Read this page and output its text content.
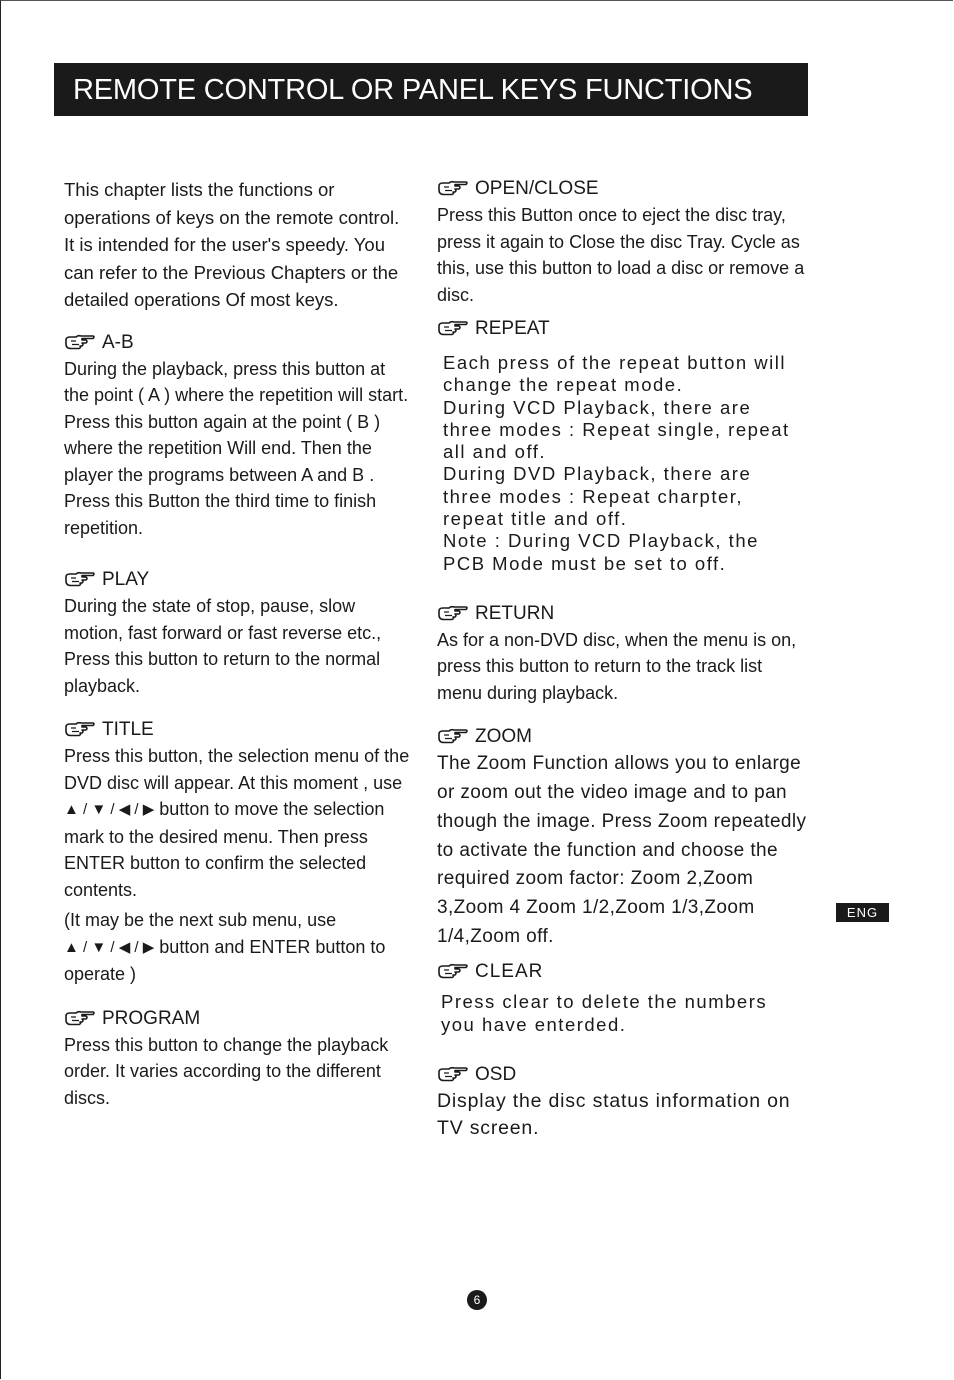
REMOTE CONTROL OR PANEL KEYS FUNCTIONS

This chapter lists the functions or operations of keys on the remote control. It is intended for the user's speedy. You can refer to the Previous Chapters or the detailed operations Of most keys.

A-B

During the playback, press this button at the point ( A ) where the repetition will start. Press this button again at the point ( B ) where the repetition Will end. Then the player the programs between A and B . Press this Button the third time to finish repetition.

PLAY

During the state of stop, pause, slow motion, fast forward or fast reverse etc., Press this button to return to the normal playback.

TITLE

Press this button, the selection menu of the DVD disc will appear. At this moment , use ▲ / ▼ / ◀ / ▶ button to move the selection mark to the desired menu. Then press ENTER button to confirm the selected contents.

(It may be the next sub menu, use ▲ / ▼ / ◀ / ▶ button and ENTER button to operate )

PROGRAM

Press this button to change the playback order. It varies according to the different discs.

OPEN/CLOSE

Press this Button once to eject the disc tray, press it again to Close the disc Tray. Cycle as this, use this button to load a disc or remove a disc.

REPEAT

Each press of the repeat button will change the repeat mode.

During VCD Playback, there are three modes : Repeat single, repeat all and off.

During DVD Playback, there are three modes : Repeat charpter, repeat title and off.

Note : During VCD Playback, the PCB Mode must be set to off.

RETURN

As for a non-DVD disc, when the menu is on, press this button to return to the track list menu during playback.

ZOOM

The Zoom Function allows you to enlarge or zoom out the video image and to pan though the image. Press Zoom repeatedly to activate the function and choose the required zoom factor: Zoom 2,Zoom 3,Zoom 4 Zoom 1/2,Zoom 1/3,Zoom 1/4,Zoom off.

CLEAR

Press clear to delete the numbers you have enterded.

OSD

Display the disc status information on TV screen.

ENG
6
